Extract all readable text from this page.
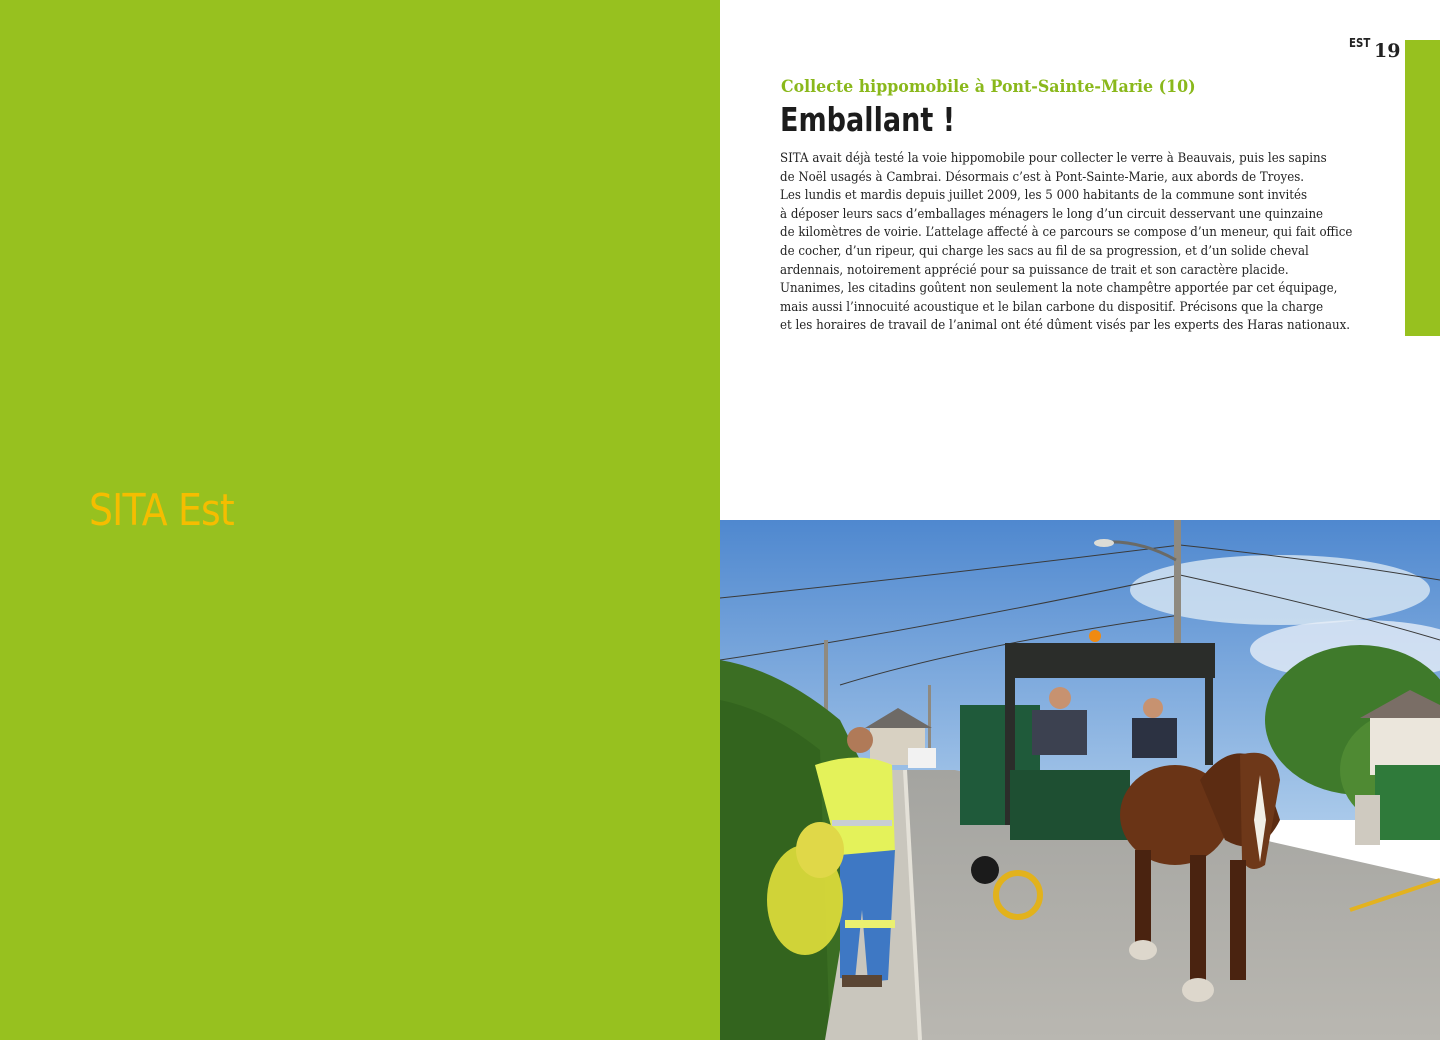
SITA Est
EST 19
Collecte hippomobile à Pont-Sainte-Marie (10)
Emballant !
SITA avait déjà testé la voie hippomobile pour collecter le verre à Beauvais, puis les sapins
de Noël usagés à Cambrai. Désormais c’est à Pont-Sainte-Marie, aux abords de Troyes.
Les lundis et mardis depuis juillet 2009, les 5 000 habitants de la commune sont invités
à déposer leurs sacs d’emballages ménagers le long d’un circuit desservant une quinzaine
de kilomètres de voirie. L’attelage affecté à ce parcours se compose d’un meneur, qui fait office
de cocher, d’un ripeur, qui charge les sacs au fil de sa progression, et d’un solide cheval
ardennais, notoirement apprécié pour sa puissance de trait et son caractère placide.
Unanimes, les citadins goûtent non seulement la note champêtre apportée par cet équipage,
mais aussi l’innocuité acoustique et le bilan carbone du dispositif. Précisons que la charge
et les horaires de travail de l’animal ont été dûment visés par les experts des Haras nationaux.
